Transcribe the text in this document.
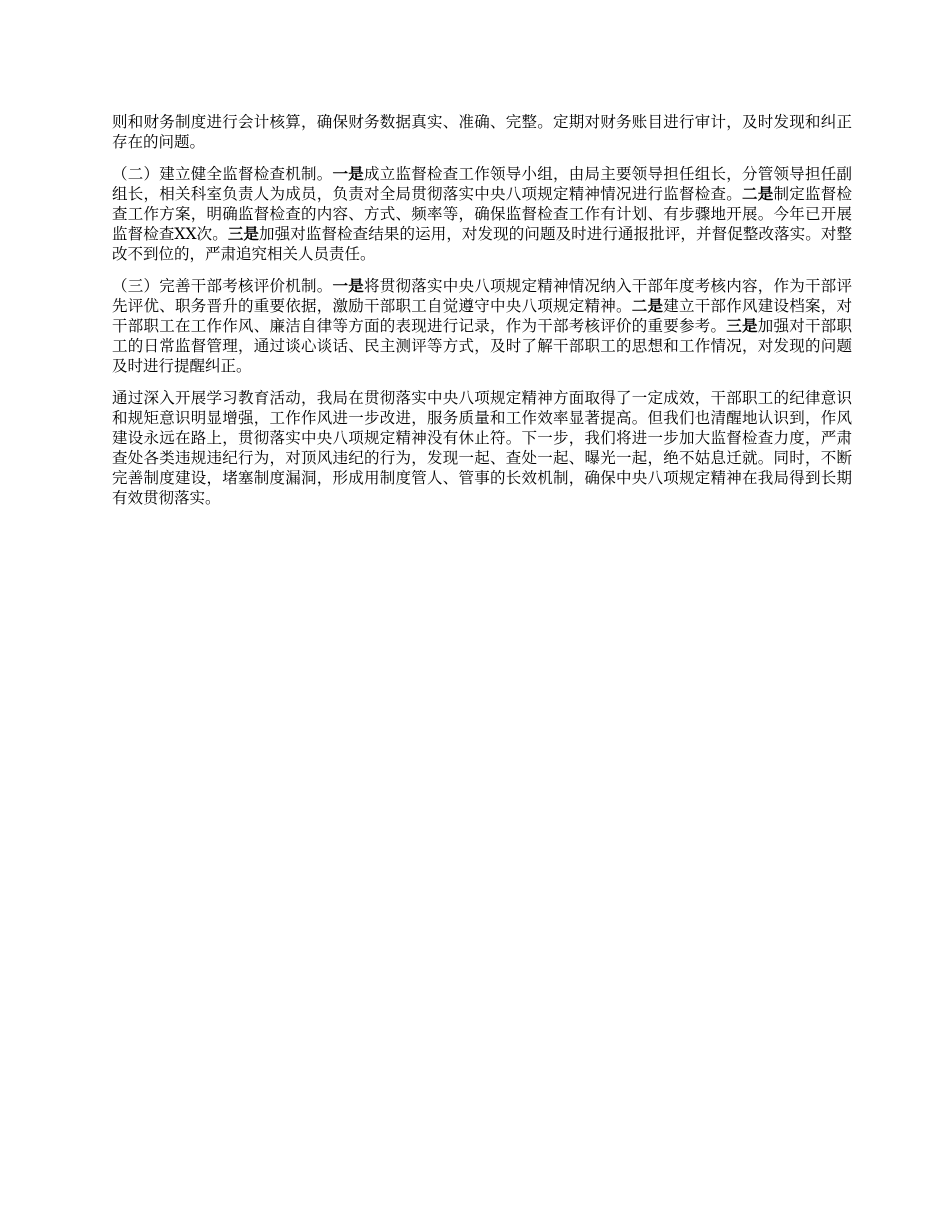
则和财务制度进行会计核算，确保财务数据真实、准确、完整。定期对财务账目进行审计，及时发现和纠正存在的问题。

（二）建立健全监督检查机制。一是成立监督检查工作领导小组，由局主要领导担任组长，分管领导担任副组长，相关科室负责人为成员，负责对全局贯彻落实中央八项规定精神情况进行监督检查。二是制定监督检查工作方案，明确监督检查的内容、方式、频率等，确保监督检查工作有计划、有步骤地开展。今年已开展监督检查XX次。三是加强对监督检查结果的运用，对发现的问题及时进行通报批评，并督促整改落实。对整改不到位的，严肃追究相关人员责任。

（三）完善干部考核评价机制。一是将贯彻落实中央八项规定精神情况纳入干部年度考核内容，作为干部评先评优、职务晋升的重要依据，激励干部职工自觉遵守中央八项规定精神。二是建立干部作风建设档案，对干部职工在工作作风、廉洁自律等方面的表现进行记录，作为干部考核评价的重要参考。三是加强对干部职工的日常监督管理，通过谈心谈话、民主测评等方式，及时了解干部职工的思想和工作情况，对发现的问题及时进行提醒纠正。

通过深入开展学习教育活动，我局在贯彻落实中央八项规定精神方面取得了一定成效，干部职工的纪律意识和规矩意识明显增强，工作作风进一步改进，服务质量和工作效率显著提高。但我们也清醒地认识到，作风建设永远在路上，贯彻落实中央八项规定精神没有休止符。下一步，我们将进一步加大监督检查力度，严肃查处各类违规违纪行为，对顶风违纪的行为，发现一起、查处一起、曝光一起，绝不姑息迁就。同时，不断完善制度建设，堵塞制度漏洞，形成用制度管人、管事的长效机制，确保中央八项规定精神在我局得到长期有效贯彻落实。
